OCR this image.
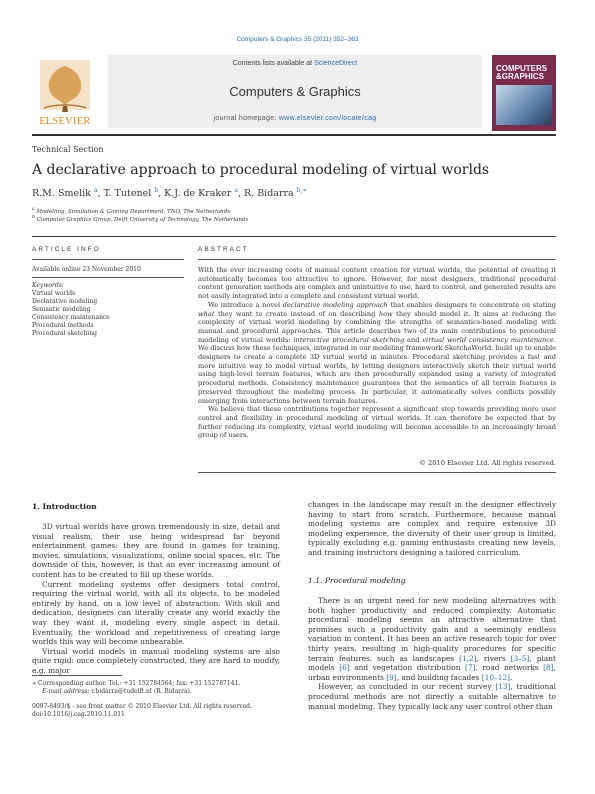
Computers & Graphics 35 (2011) 352–363
Contents lists available at ScienceDirect
Computers & Graphics
journal homepage: www.elsevier.com/locate/cag
ELSEVIER
COMPUTERS
&GRAPHICS
Technical Section
A declarative approach to procedural modeling of virtual worlds
R.M. Smelik $^a$, T. Tutenel $^b$, K.J. de Kraker $^a$, R. Bidarra $^{b,∗}$
$^a$ Modelling, Simulation & Gaming Department, TNO, The Netherlands
$^b$ Computer Graphics Group, Delft University of Technology, The Netherlands
ARTICLE INFO	ABSTRACT
Available online 23 November 2010
Keywords:
Virtual worlds
Declarative modeling
Semantic modeling
Consistency maintenance
Procedural methods
Procedural sketching

With the ever increasing costs of manual content creation for virtual worlds, the potential of creating it automatically becomes too attractive to ignore. However, for most designers, traditional procedural content generation methods are complex and unintuitive to use, hard to control, and generated results are not easily integrated into a complete and consistent virtual world.

We introduce a novel declarative modeling approach that enables designers to concentrate on stating what they want to create instead of on describing how they should model it. It aims at reducing the complexity of virtual world modeling by combining the strengths of semantics-based modeling with manual and procedural approaches. This article describes two of its main contributions to procedural modeling of virtual worlds: interactive procedural sketching and virtual world consistency maintenance. We discuss how these techniques, integrated in our modeling framework SketchaWorld, build up to enable designers to create a complete 3D virtual world in minutes. Procedural sketching provides a fast and more intuitive way to model virtual worlds, by letting designers interactively sketch their virtual world using high-level terrain features, which are then procedurally expanded using a variety of integrated procedural methods. Consistency maintenance guarantees that the semantics of all terrain features is preserved throughout the modeling process. In particular, it automatically solves conflicts possibly emerging from interactions between terrain features.

We believe that these contributions together represent a significant step towards providing more user control and flexibility in procedural modeling of virtual worlds. It can therefore be expected that by further reducing its complexity, virtual world modeling will become accessible to an increasingly broad group of users.

© 2010 Elsevier Ltd. All rights reserved.
1. Introduction

3D virtual worlds have grown tremendously in size, detail and visual realism, their use being widespread far beyond entertainment games: they are found in games for training, movies, simulations, visualizations, online social spaces, etc. The downside of this, however, is that an ever increasing amount of content has to be created to fill up these worlds.

Current modeling systems offer designers total control, requiring the virtual world, with all its objects, to be modeled entirely by hand, on a low level of abstraction. With skill and dedication, designers can literally create any world exactly the way they want it, modeling every single aspect in detail. Eventually, the workload and repetitiveness of creating large worlds this way will become unbearable.

Virtual world models in manual modeling systems are also quite rigid: once completely constructed, they are hard to modify, e.g. major

changes in the landscape may result in the designer effectively having to start from scratch. Furthermore, because manual modeling systems are complex and require extensive 3D modeling experience, the diversity of their user group is limited, typically excluding e.g. gaming enthusiasts creating new levels, and training instructors designing a tailored curriculum.

1.1. Procedural modeling

There is an urgent need for new modeling alternatives with both higher productivity and reduced complexity. Automatic procedural modeling seems an attractive alternative that promises such a productivity gain and a seemingly endless variation in content. It has been an active research topic for over thirty years, resulting in high-quality procedures for specific terrain features, such as landscapes [1,2], rivers [3–5], plant models [6] and vegetation distribution [7], road networks [8], urban environments [9], and building facades [10–12].

However, as concluded in our recent survey [13], traditional procedural methods are not directly a suitable alternative to manual modeling. They typically lack any user control other than

∗ Corresponding author. Tel.: +31 152784564; fax: +31 152787141.
E-mail address: r.bidarra@tudelft.nl (R. Bidarra).
0097-8493/$ - see front matter © 2010 Elsevier Ltd. All rights reserved.
doi:10.1016/j.cag.2010.11.011
